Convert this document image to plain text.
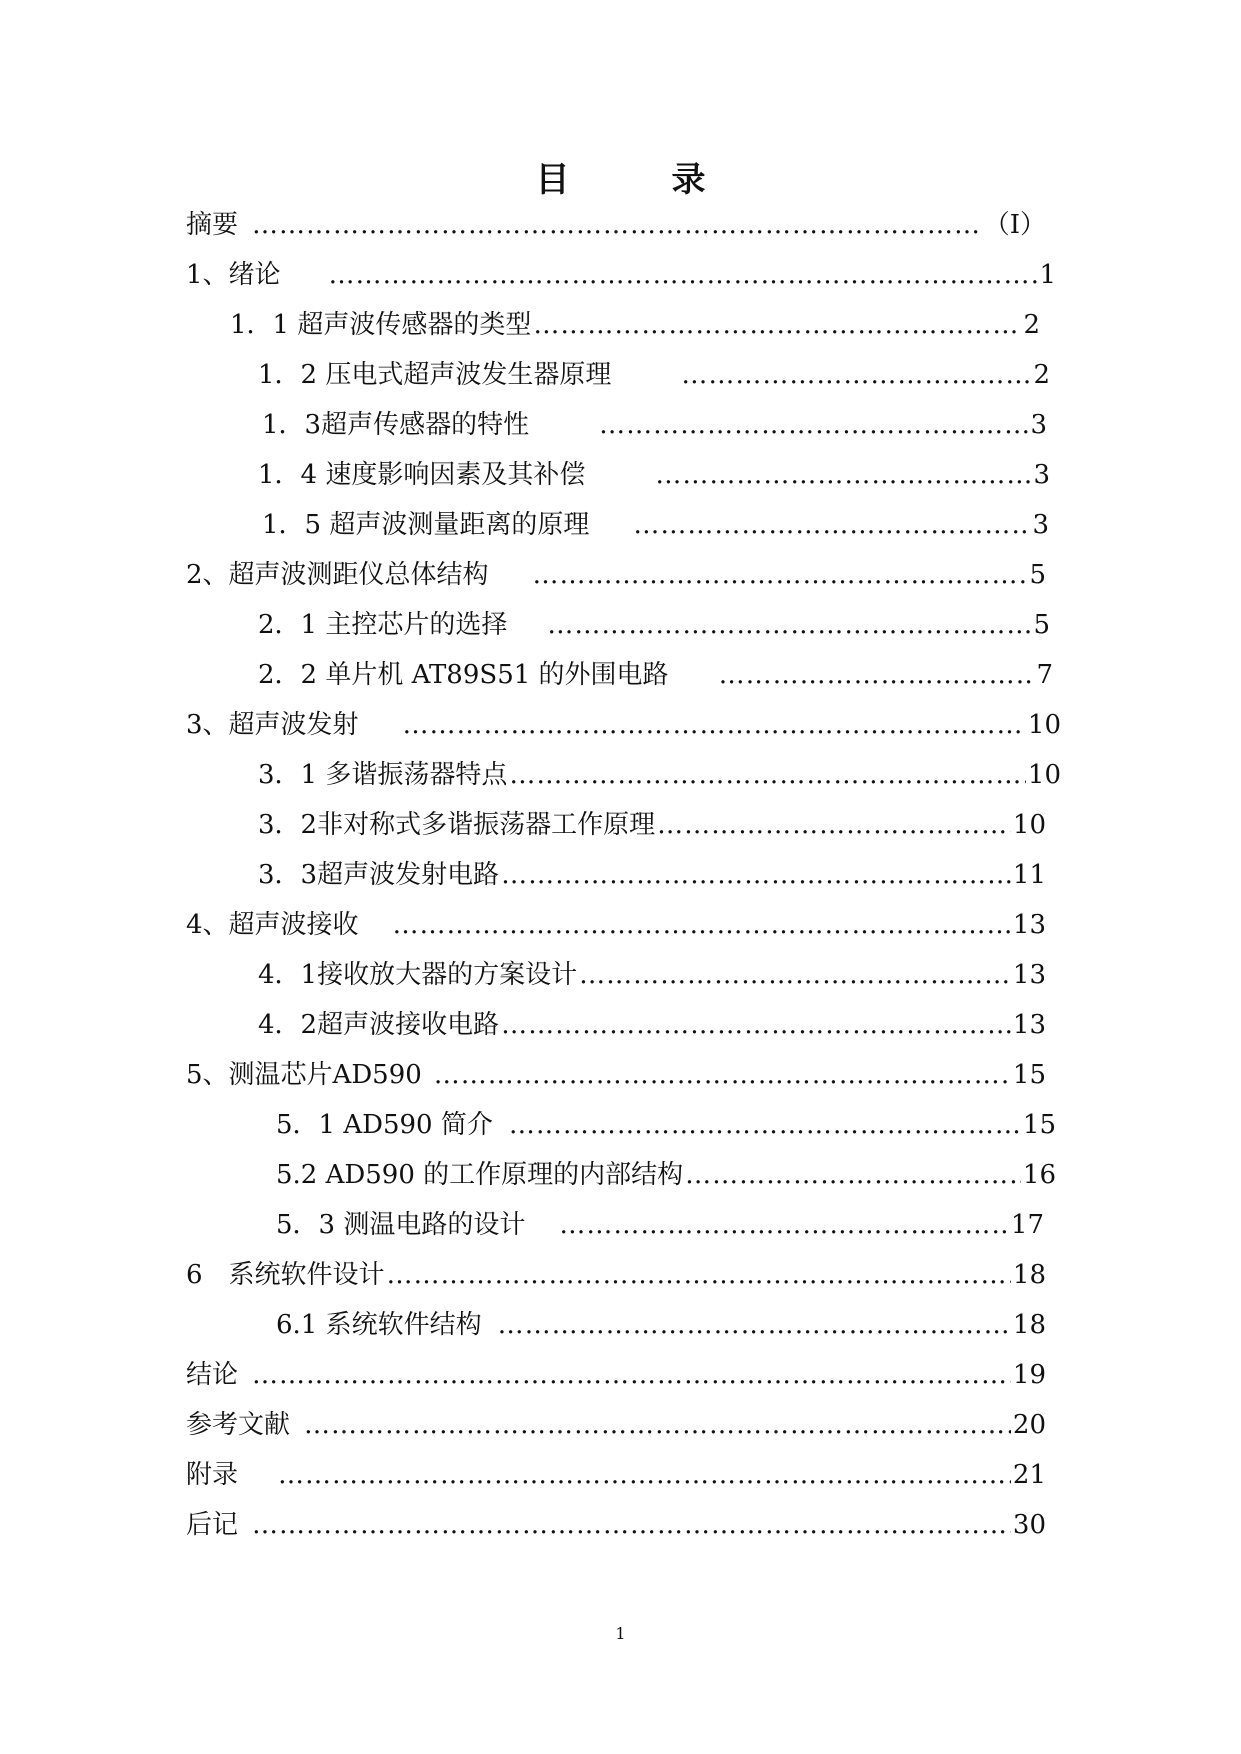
目　录
摘要 …………………………………………………………………………………………………………………………………………………………………	（Ⅰ）
1、绪论 …………………………………………………………………………………………………………………………………………………………………	1
1．1 超声波传感器的类型 …………………………………………………………………………………………………………………………………………………………………	2
1．2 压电式超声波发生器原理 …………………………………………………………………………………………………………………………………………………………………	2
1．3超声传感器的特性 …………………………………………………………………………………………………………………………………………………………………	3
1．4 速度影响因素及其补偿 …………………………………………………………………………………………………………………………………………………………………	3
1．5 超声波测量距离的原理 …………………………………………………………………………………………………………………………………………………………………	3
2、超声波测距仪总体结构 …………………………………………………………………………………………………………………………………………………………………	5
2．1 主控芯片的选择 …………………………………………………………………………………………………………………………………………………………………	5
2．2 单片机 AT89S51 的外围电路 …………………………………………………………………………………………………………………………………………………………………	7
3、超声波发射 …………………………………………………………………………………………………………………………………………………………………	10
3．1 多谐振荡器特点 …………………………………………………………………………………………………………………………………………………………………	10
3．2非对称式多谐振荡器工作原理 …………………………………………………………………………………………………………………………………………………………………	10
3．3超声波发射电路 …………………………………………………………………………………………………………………………………………………………………	11
4、超声波接收 …………………………………………………………………………………………………………………………………………………………………	13
4．1接收放大器的方案设计 …………………………………………………………………………………………………………………………………………………………………	13
4．2超声波接收电路 …………………………………………………………………………………………………………………………………………………………………	13
5、测温芯片AD590 …………………………………………………………………………………………………………………………………………………………………	15
5．1 AD590 简介 …………………………………………………………………………………………………………………………………………………………………	15
5.2 AD590 的工作原理的内部结构 …………………………………………………………………………………………………………………………………………………………………	16
5．3 测温电路的设计 …………………………………………………………………………………………………………………………………………………………………	17
6　系统软件设计 …………………………………………………………………………………………………………………………………………………………………	18
6.1 系统软件结构 …………………………………………………………………………………………………………………………………………………………………	18
结论 …………………………………………………………………………………………………………………………………………………………………	19
参考文献 …………………………………………………………………………………………………………………………………………………………………	20
附录 …………………………………………………………………………………………………………………………………………………………………	21
后记 …………………………………………………………………………………………………………………………………………………………………	30
1
